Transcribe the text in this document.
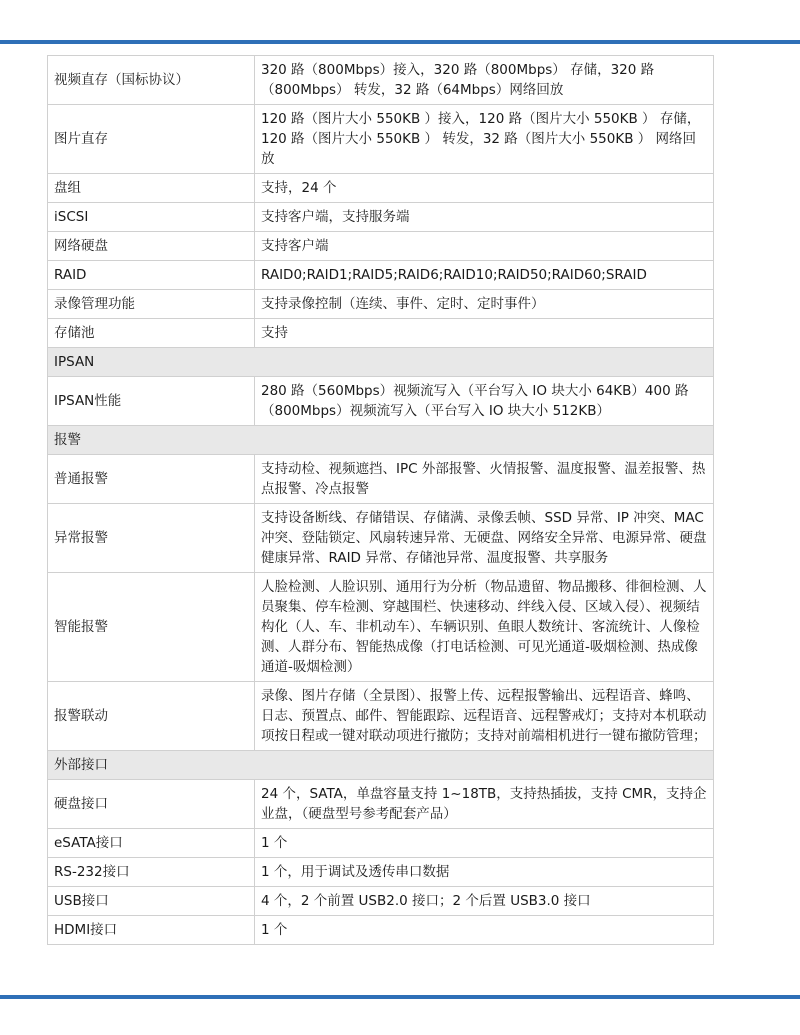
视频直存（国标协议）	320 路（800Mbps）接入，320 路（800Mbps） 存储，320 路（800Mbps） 转发，32 路（64Mbps）网络回放
图片直存	120 路（图片大小 550KB ）接入，120 路（图片大小 550KB ） 存储，120 路（图片大小 550KB ） 转发，32 路（图片大小 550KB ） 网络回放
盘组	支持，24 个
iSCSI	支持客户端，支持服务端
网络硬盘	支持客户端
RAID	RAID0;RAID1;RAID5;RAID6;RAID10;RAID50;RAID60;SRAID
录像管理功能	支持录像控制（连续、事件、定时、定时事件）
存储池	支持
IPSAN	
IPSAN性能	280 路（560Mbps）视频流写入（平台写入 IO 块大小 64KB）400 路（800Mbps）视频流写入（平台写入 IO 块大小 512KB）
报警	
普通报警	支持动检、视频遮挡、IPC 外部报警、火情报警、温度报警、温差报警、热点报警、冷点报警
异常报警	支持设备断线、存储错误、存储满、录像丢帧、SSD 异常、IP 冲突、MAC 冲突、登陆锁定、风扇转速异常、无硬盘、网络安全异常、电源异常、硬盘健康异常、RAID 异常、存储池异常、温度报警、共享服务
智能报警	人脸检测、人脸识别、通用行为分析（物品遗留、物品搬移、徘徊检测、人员聚集、停车检测、穿越围栏、快速移动、绊线入侵、区域入侵）、视频结构化（人、车、非机动车）、车辆识别、鱼眼人数统计、客流统计、人像检测、人群分布、智能热成像（打电话检测、可见光通道-吸烟检测、热成像通道-吸烟检测）
报警联动	录像、图片存储（全景图）、报警上传、远程报警输出、远程语音、蜂鸣、日志、预置点、邮件、智能跟踪、远程语音、远程警戒灯；支持对本机联动项按日程或一键对联动项进行撤防；支持对前端相机进行一键布撤防管理；
外部接口	
硬盘接口	24 个，SATA，单盘容量支持 1~18TB，支持热插拔，支持 CMR，支持企业盘，（硬盘型号参考配套产品）
eSATA接口	1 个
RS-232接口	1 个，用于调试及透传串口数据
USB接口	4 个，2 个前置 USB2.0 接口；2 个后置 USB3.0 接口
HDMI接口	1 个
